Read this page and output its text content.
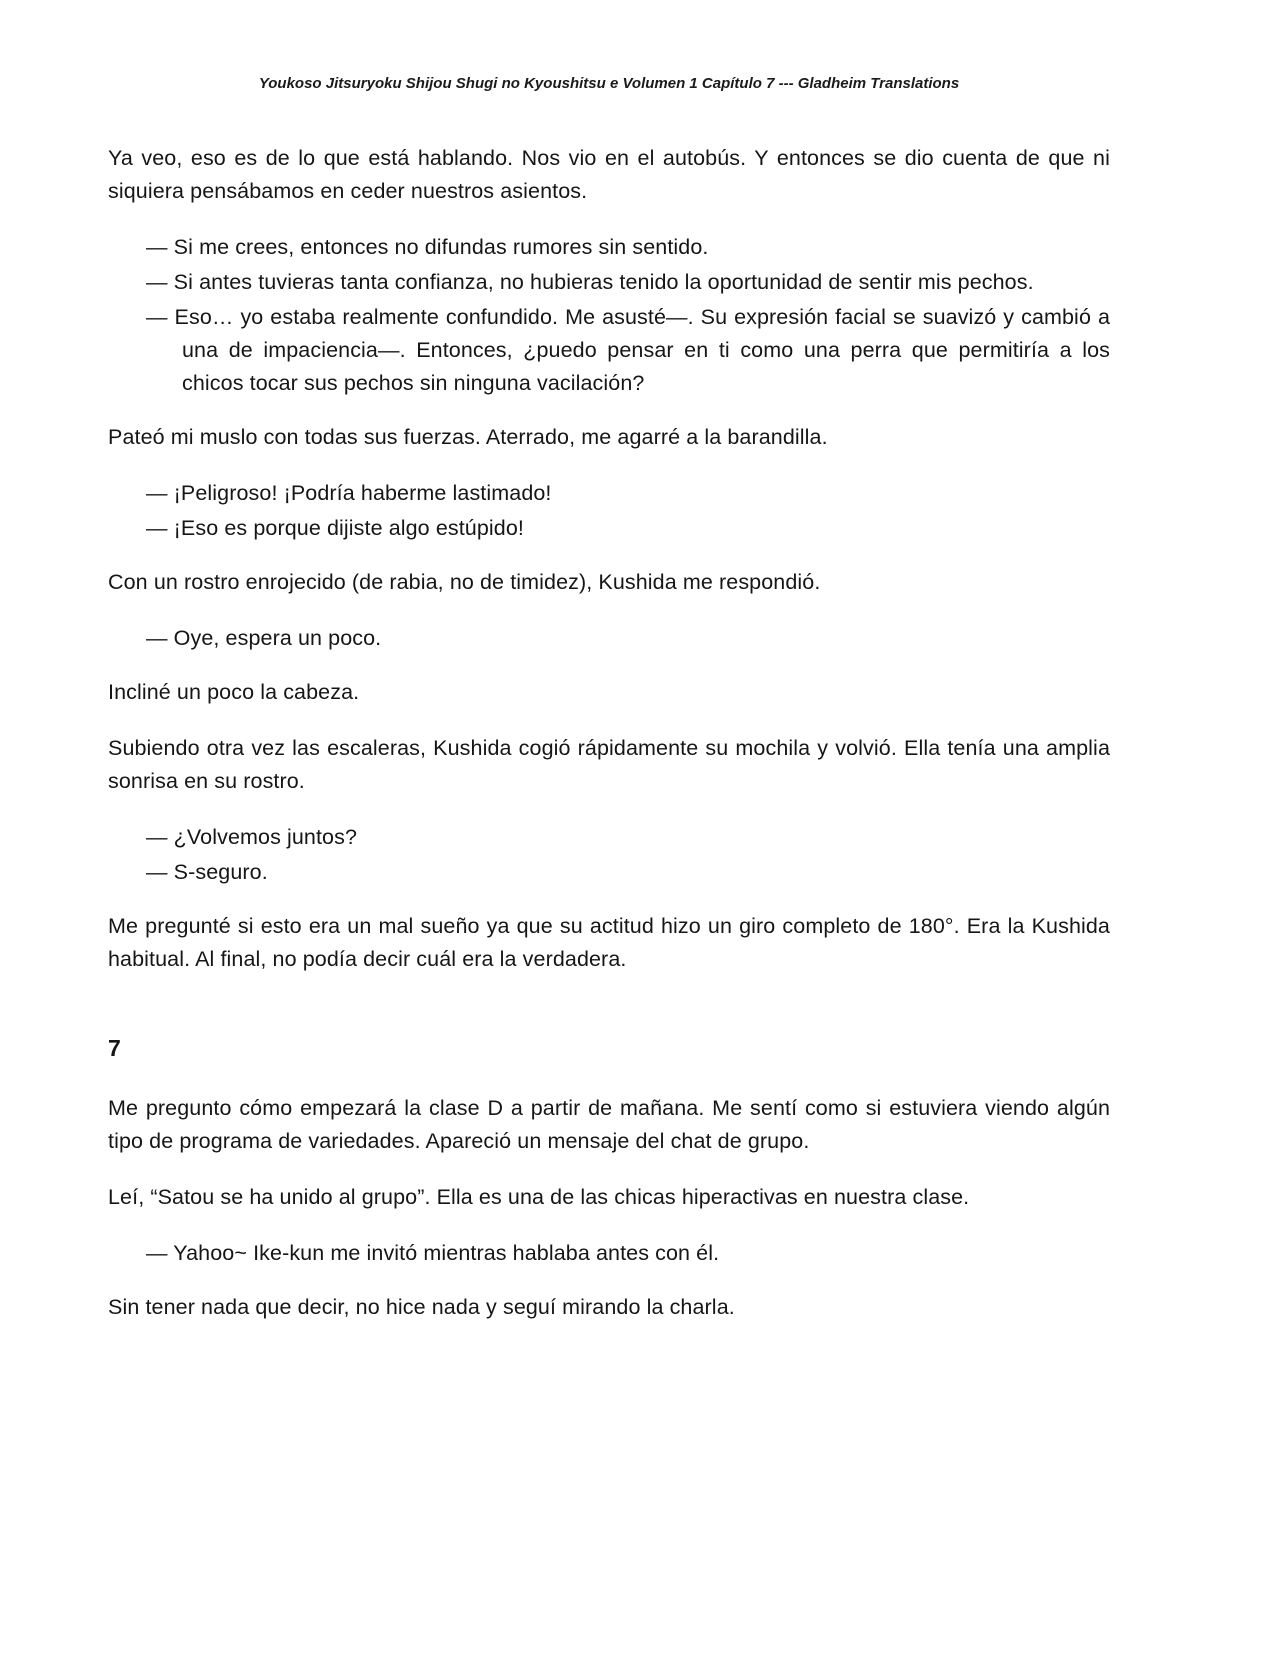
Youkoso Jitsuryoku Shijou Shugi no Kyoushitsu e Volumen 1 Capítulo 7 --- Gladheim Translations

Ya veo, eso es de lo que está hablando. Nos vio en el autobús. Y entonces se dio cuenta de que ni siquiera pensábamos en ceder nuestros asientos.

— Si me crees, entonces no difundas rumores sin sentido.

— Si antes tuvieras tanta confianza, no hubieras tenido la oportunidad de sentir mis pechos.

— Eso… yo estaba realmente confundido. Me asusté—. Su expresión facial se suavizó y cambió a una de impaciencia—. Entonces, ¿puedo pensar en ti como una perra que permitiría a los chicos tocar sus pechos sin ninguna vacilación?

Pateó mi muslo con todas sus fuerzas. Aterrado, me agarré a la barandilla.

— ¡Peligroso! ¡Podría haberme lastimado!

— ¡Eso es porque dijiste algo estúpido!

Con un rostro enrojecido (de rabia, no de timidez), Kushida me respondió.

— Oye, espera un poco.

Incliné un poco la cabeza.

Subiendo otra vez las escaleras, Kushida cogió rápidamente su mochila y volvió. Ella tenía una amplia sonrisa en su rostro.

— ¿Volvemos juntos?

— S-seguro.

Me pregunté si esto era un mal sueño ya que su actitud hizo un giro completo de 180°. Era la Kushida habitual. Al final, no podía decir cuál era la verdadera.

7

Me pregunto cómo empezará la clase D a partir de mañana. Me sentí como si estuviera viendo algún tipo de programa de variedades. Apareció un mensaje del chat de grupo.

Leí, “Satou se ha unido al grupo”. Ella es una de las chicas hiperactivas en nuestra clase.

— Yahoo~ Ike-kun me invitó mientras hablaba antes con él.

Sin tener nada que decir, no hice nada y seguí mirando la charla.
